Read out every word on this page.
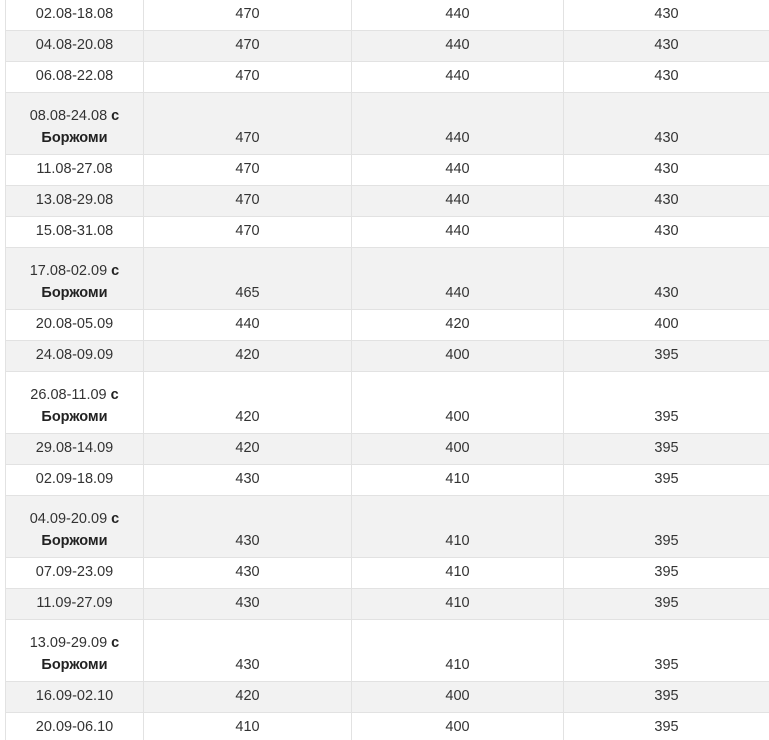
02.08-18.08	470	440	430
04.08-20.08	470	440	430
06.08-22.08	470	440	430
08.08-24.08 с
Боржоми	470	440	430
11.08-27.08	470	440	430
13.08-29.08	470	440	430
15.08-31.08	470	440	430
17.08-02.09 с
Боржоми	465	440	430
20.08-05.09	440	420	400
24.08-09.09	420	400	395
26.08-11.09 с
Боржоми	420	400	395
29.08-14.09	420	400	395
02.09-18.09	430	410	395
04.09-20.09 с
Боржоми	430	410	395
07.09-23.09	430	410	395
11.09-27.09	430	410	395
13.09-29.09 с
Боржоми	430	410	395
16.09-02.10	420	400	395
20.09-06.10	410	400	395
